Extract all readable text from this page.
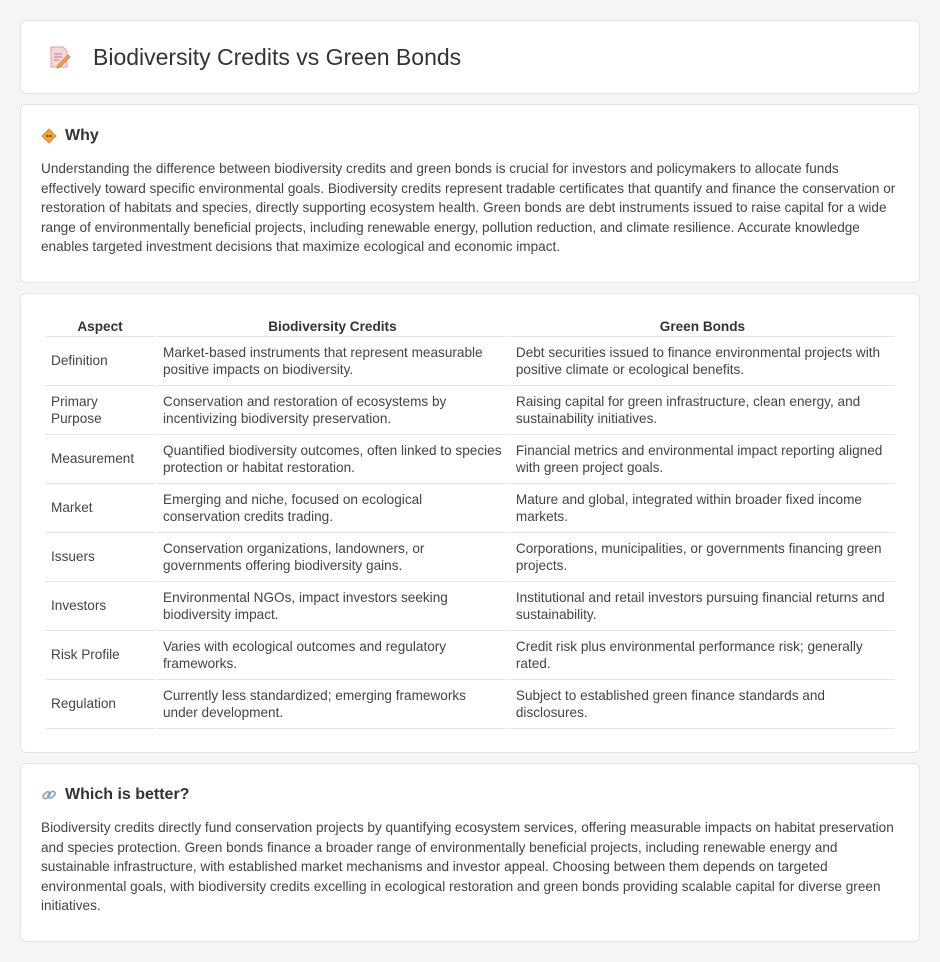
Biodiversity Credits vs Green Bonds
Why

Understanding the difference between biodiversity credits and green bonds is crucial for investors and policymakers to allocate funds effectively toward specific environmental goals. Biodiversity credits represent tradable certificates that quantify and finance the conservation or restoration of habitats and species, directly supporting ecosystem health. Green bonds are debt instruments issued to raise capital for a wide range of environmentally beneficial projects, including renewable energy, pollution reduction, and climate resilience. Accurate knowledge enables targeted investment decisions that maximize ecological and economic impact.

Aspect	Biodiversity Credits	Green Bonds
Definition	Market-based instruments that represent measurable positive impacts on biodiversity.	Debt securities issued to finance environmental projects with positive climate or ecological benefits.
Primary Purpose	Conservation and restoration of ecosystems by incentivizing biodiversity preservation.	Raising capital for green infrastructure, clean energy, and sustainability initiatives.
Measurement	Quantified biodiversity outcomes, often linked to species protection or habitat restoration.	Financial metrics and environmental impact reporting aligned with green project goals.
Market	Emerging and niche, focused on ecological conservation credits trading.	Mature and global, integrated within broader fixed income markets.
Issuers	Conservation organizations, landowners, or governments offering biodiversity gains.	Corporations, municipalities, or governments financing green projects.
Investors	Environmental NGOs, impact investors seeking biodiversity impact.	Institutional and retail investors pursuing financial returns and sustainability.
Risk Profile	Varies with ecological outcomes and regulatory frameworks.	Credit risk plus environmental performance risk; generally rated.
Regulation	Currently less standardized; emerging frameworks under development.	Subject to established green finance standards and disclosures.
Which is better?

Biodiversity credits directly fund conservation projects by quantifying ecosystem services, offering measurable impacts on habitat preservation and species protection. Green bonds finance a broader range of environmentally beneficial projects, including renewable energy and sustainable infrastructure, with established market mechanisms and investor appeal. Choosing between them depends on targeted environmental goals, with biodiversity credits excelling in ecological restoration and green bonds providing scalable capital for diverse green initiatives.
